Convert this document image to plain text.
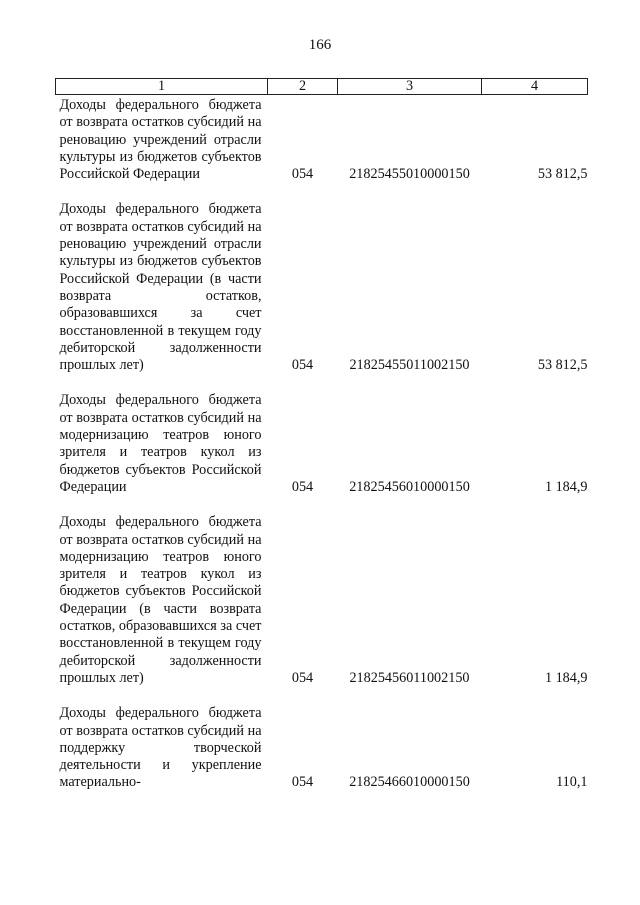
166
1	2	3	4
Доходы федерального бюджета от возврата остатков субсидий на реновацию учреждений отрасли культуры из бюджетов субъектов Российской Федерации	054	21825455010000150	53 812,5
Доходы федерального бюджета от возврата остатков субсидий на реновацию учреждений отрасли культуры из бюджетов субъектов Российской Федерации (в части возврата остатков, образовавшихся за счет восстановленной в текущем году дебиторской задолженности прошлых лет)	054	21825455011002150	53 812,5
Доходы федерального бюджета от возврата остатков субсидий на модернизацию театров юного зрителя и театров кукол из бюджетов субъектов Российской Федерации	054	21825456010000150	1 184,9
Доходы федерального бюджета от возврата остатков субсидий на модернизацию театров юного зрителя и театров кукол из бюджетов субъектов Российской Федерации (в части возврата остатков, образовавшихся за счет восстановленной в текущем году дебиторской задолженности прошлых лет)	054	21825456011002150	1 184,9
Доходы федерального бюджета от возврата остатков субсидий на поддержку творческой деятельности и укрепление материально-	054	21825466010000150	110,1
